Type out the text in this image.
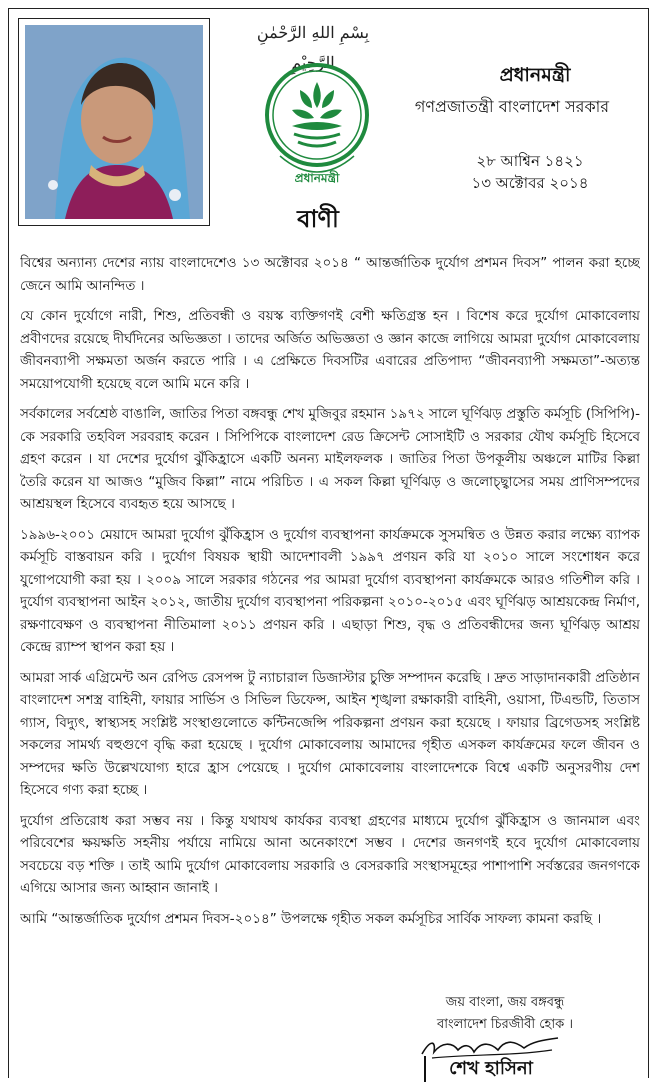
بِسْمِ اللهِ الرَّحْمٰنِ الرَّحِيْمِ
প্রধানমন্ত্রী
প্রধানমন্ত্রী
গণপ্রজাতন্ত্রী বাংলাদেশ সরকার
২৮ আশ্বিন ১৪২১
১৩ অক্টোবর ২০১৪
বাণী

বিশ্বের অন্যান্য দেশের ন্যায় বাংলাদেশেও ১৩ অক্টোবর ২০১৪ “ আন্তর্জাতিক দুর্যোগ প্রশমন দিবস” পালন করা হচ্ছে জেনে আমি আনন্দিত ।

যে কোন দুর্যোগে নারী, শিশু, প্রতিবন্ধী ও বয়স্ক ব্যক্তিগণই বেশী ক্ষতিগ্রস্ত হন । বিশেষ করে দুর্যোগ মোকাবেলায় প্রবীণদের রয়েছে দীর্ঘদিনের অভিজ্ঞতা । তাদের অর্জিত অভিজ্ঞতা ও জ্ঞান কাজে লাগিয়ে আমরা দুর্যোগ মোকাবেলায় জীবনব্যাপী সক্ষমতা অর্জন করতে পারি । এ প্রেক্ষিতে দিবসটির এবারের প্রতিপাদ্য “জীবনব্যাপী সক্ষমতা”-অত্যন্ত সময়োপযোগী হয়েছে বলে আমি মনে করি ।

সর্বকালের সর্বশ্রেষ্ঠ বাঙালি, জাতির পিতা বঙ্গবন্ধু শেখ মুজিবুর রহমান ১৯৭২ সালে ঘূর্ণিঝড় প্রস্তুতি কর্মসূচি (সিপিপি)-কে সরকারি তহবিল সরবরাহ করেন । সিপিপিকে বাংলাদেশ রেড ক্রিসেন্ট সোসাইটি ও সরকার যৌথ কর্মসূচি হিসেবে গ্রহণ করেন । যা দেশের দুর্যোগ ঝুঁকিহ্রাসে একটি অনন্য মাইলফলক । জাতির পিতা উপকূলীয় অঞ্চলে মাটির কিল্লা তৈরি করেন যা আজও “মুজিব কিল্লা” নামে পরিচিত । এ সকল কিল্লা ঘূর্ণিঝড় ও জলোচ্ছ্বাসের সময় প্রাণিসম্পদের আশ্রয়স্থল হিসেবে ব্যবহৃত হয়ে আসছে ।

১৯৯৬-২০০১ মেয়াদে আমরা দুর্যোগ ঝুঁকিহ্রাস ও দুর্যোগ ব্যবস্থাপনা কার্যক্রমকে সুসমন্বিত ও উন্নত করার লক্ষ্যে ব্যাপক কর্মসূচি বাস্তবায়ন করি । দুর্যোগ বিষয়ক স্থায়ী আদেশাবলী ১৯৯৭ প্রণয়ন করি যা ২০১০ সালে সংশোধন করে যুগোপযোগী করা হয় । ২০০৯ সালে সরকার গঠনের পর আমরা দুর্যোগ ব্যবস্থাপনা কার্যক্রমকে আরও গতিশীল করি । দুর্যোগ ব্যবস্থাপনা আইন ২০১২, জাতীয় দুর্যোগ ব্যবস্থাপনা পরিকল্পনা ২০১০-২০১৫ এবং ঘূর্ণিঝড় আশ্রয়কেন্দ্র নির্মাণ, রক্ষণাবেক্ষণ ও ব্যবস্থাপনা নীতিমালা ২০১১ প্রণয়ন করি । এছাড়া শিশু, বৃদ্ধ ও প্রতিবন্ধীদের জন্য ঘূর্ণিঝড় আশ্রয় কেন্দ্রে র‍্যাম্প স্থাপন করা হয় ।

আমরা সার্ক এগ্রিমেন্ট অন রেপিড রেসপন্স টু ন্যাচারাল ডিজাস্টার চুক্তি সম্পাদন করেছি । দ্রুত সাড়াদানকারী প্রতিষ্ঠান বাংলাদেশ সশস্ত্র বাহিনী, ফায়ার সার্ভিস ও সিভিল ডিফেন্স, আইন শৃঙ্খলা রক্ষাকারী বাহিনী, ওয়াসা, টিএন্ডটি, তিতাস গ্যাস, বিদ্যুৎ, স্বাস্থ্যসহ সংশ্লিষ্ট সংস্থাগুলোতে কন্টিনজেন্সি পরিকল্পনা প্রণয়ন করা হয়েছে । ফায়ার ব্রিগেডসহ সংশ্লিষ্ট সকলের সামর্থ্য বহুগুণে বৃদ্ধি করা হয়েছে । দুর্যোগ মোকাবেলায় আমাদের গৃহীত এসকল কার্যক্রমের ফলে জীবন ও সম্পদের ক্ষতি উল্লেখযোগ্য হারে হ্রাস পেয়েছে । দুর্যোগ মোকাবেলায় বাংলাদেশকে বিশ্বে একটি অনুসরণীয় দেশ হিসেবে গণ্য করা হচ্ছে ।

দুর্যোগ প্রতিরোধ করা সম্ভব নয় । কিন্তু যথাযথ কার্যকর ব্যবস্থা গ্রহণের মাধ্যমে দুর্যোগ ঝুঁকিহ্রাস ও জানমাল এবং পরিবেশের ক্ষয়ক্ষতি সহনীয় পর্যায়ে নামিয়ে আনা অনেকাংশে সম্ভব । দেশের জনগণই হবে দুর্যোগ মোকাবেলায় সবচেয়ে বড় শক্তি । তাই আমি দুর্যোগ মোকাবেলায় সরকারি ও বেসরকারি সংস্থাসমূহের পাশাপাশি সর্বস্তরের জনগণকে এগিয়ে আসার জন্য আহ্বান জানাই ।

আমি “আন্তর্জাতিক দুর্যোগ প্রশমন দিবস-২০১৪” উপলক্ষে গৃহীত সকল কর্মসূচির সার্বিক সাফল্য কামনা করছি ।

জয় বাংলা, জয় বঙ্গবন্ধু
বাংলাদেশ চিরজীবী হোক ।
শেখ হাসিনা
